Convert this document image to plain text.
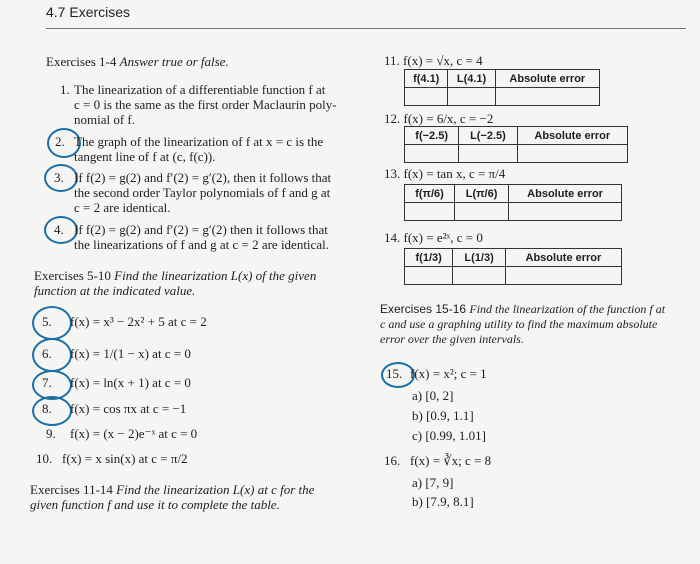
4.7 Exercises
Exercises 1-4 Answer true or false.
1. The linearization of a differentiable function f at
c = 0 is the same as the first order Maclaurin poly-
nomial of f.
2. The graph of the linearization of f at x = c is the
tangent line of f at (c, f(c)).
3. If f(2) = g(2) and f′(2) = g′(2), then it follows that
the second order Taylor polynomials of f and g at
c = 2 are identical.
4. If f(2) = g(2) and f′(2) = g′(2) then it follows that
the linearizations of f and g at c = 2 are identical.
Exercises 5-10 Find the linearization L(x) of the given
function at the indicated value.
5. f(x) = x³ − 2x² + 5 at c = 2
6. f(x) = 1/(1 − x) at c = 0
7. f(x) = ln(x + 1) at c = 0
8. f(x) = cos πx at c = −1
9. f(x) = (x − 2)e⁻ˣ at c = 0
10. f(x) = x sin(x) at c = π/2
Exercises 11-14 Find the linearization L(x) at c for the
given function f and use it to complete the table.
11. f(x) = √x, c = 4
f(4.1)	L(4.1)	Absolute error

12. f(x) = 6/x, c = −2
f(−2.5)	L(−2.5)	Absolute error

13. f(x) = tan x, c = π/4
f(π/6)	L(π/6)	Absolute error

14. f(x) = e²ˣ, c = 0
f(1/3)	L(1/3)	Absolute error

Exercises 15-16 Find the linearization of the function f at
c and use a graphing utility to find the maximum absolute
error over the given intervals.
15. f(x) = x²; c = 1
a) [0, 2]
b) [0.9, 1.1]
c) [0.99, 1.01]
16. f(x) = ∛x; c = 8
a) [7, 9]
b) [7.9, 8.1]
